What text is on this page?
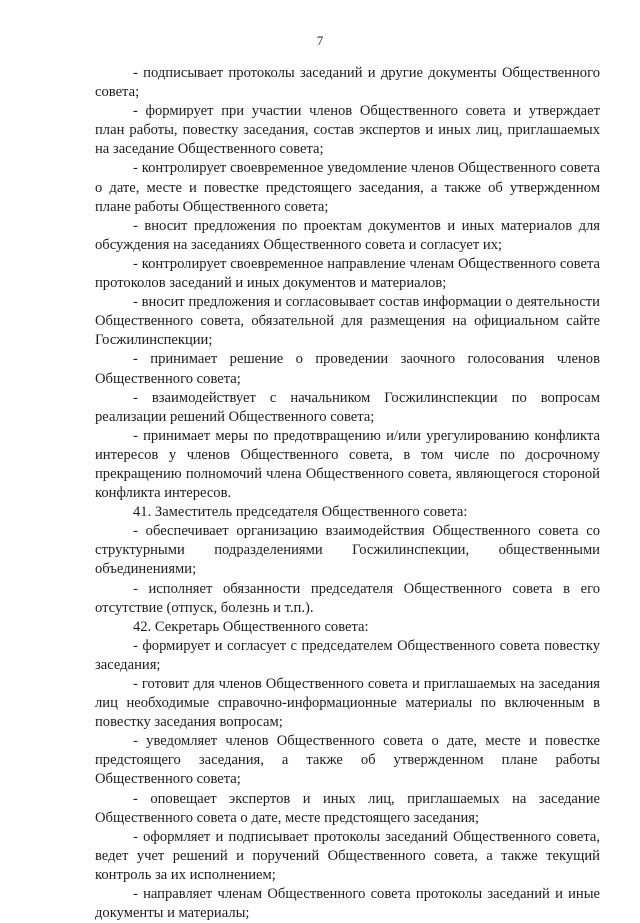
7

- подписывает протоколы заседаний и другие документы Общественного совета;

- формирует при участии членов Общественного совета и утверждает план работы, повестку заседания, состав экспертов и иных лиц, приглашаемых на заседание Общественного совета;

- контролирует своевременное уведомление членов Общественного совета о дате, месте и повестке предстоящего заседания, а также об утвержденном плане работы Общественного совета;

- вносит предложения по проектам документов и иных материалов для обсуждения на заседаниях Общественного совета и согласует их;

- контролирует своевременное направление членам Общественного совета протоколов заседаний и иных документов и материалов;

- вносит предложения и согласовывает состав информации о деятельности Общественного совета, обязательной для размещения на официальном сайте Госжилинспекции;

- принимает решение о проведении заочного голосования членов Общественного совета;

- взаимодействует с начальником Госжилинспекции по вопросам реализации решений Общественного совета;

- принимает меры по предотвращению и/или урегулированию конфликта интересов у членов Общественного совета, в том числе по досрочному прекращению полномочий члена Общественного совета, являющегося стороной конфликта интересов.

41. Заместитель председателя Общественного совета:

- обеспечивает организацию взаимодействия Общественного совета со структурными подразделениями Госжилинспекции, общественными объединениями;

- исполняет обязанности председателя Общественного совета в его отсутствие (отпуск, болезнь и т.п.).

42. Секретарь Общественного совета:

- формирует и согласует с председателем Общественного совета повестку заседания;

- готовит для членов Общественного совета и приглашаемых на заседания лиц необходимые справочно-информационные материалы по включенным в повестку заседания вопросам;

- уведомляет членов Общественного совета о дате, месте и повестке предстоящего заседания, а также об утвержденном плане работы Общественного совета;

- оповещает экспертов и иных лиц, приглашаемых на заседание Общественного совета о дате, месте предстоящего заседания;

- оформляет и подписывает протоколы заседаний Общественного совета, ведет учет решений и поручений Общественного совета, а также текущий контроль за их исполнением;

- направляет членам Общественного совета протоколы заседаний и иные документы и материалы;
